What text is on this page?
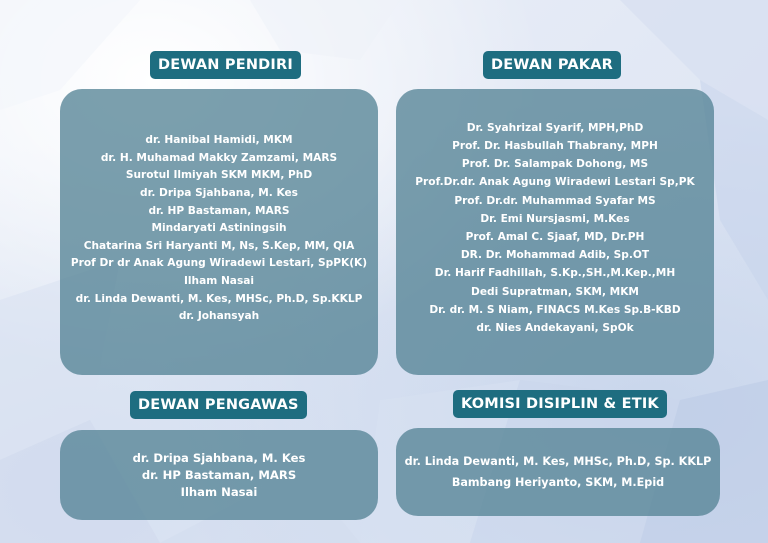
DEWAN PENDIRI
dr. Hanibal Hamidi, MKM
dr. H. Muhamad Makky Zamzami, MARS
Surotul Ilmiyah SKM MKM, PhD
dr. Dripa Sjahbana, M. Kes
dr. HP Bastaman, MARS
Mindaryati Astiningsih
Chatarina Sri Haryanti M, Ns, S.Kep, MM, QIA
Prof Dr dr Anak Agung Wiradewi Lestari, SpPK(K)
Ilham Nasai
dr. Linda Dewanti, M. Kes, MHSc, Ph.D, Sp.KKLP
dr. Johansyah
DEWAN PAKAR
Dr. Syahrizal Syarif, MPH,PhD
Prof. Dr. Hasbullah Thabrany, MPH
Prof. Dr. Salampak Dohong, MS
Prof.Dr.dr. Anak Agung Wiradewi Lestari Sp,PK
Prof. Dr.dr. Muhammad Syafar MS
Dr. Emi Nursjasmi, M.Kes
Prof. Amal C. Sjaaf, MD, Dr.PH
DR. Dr. Mohammad Adib, Sp.OT
Dr. Harif Fadhillah, S.Kp.,SH.,M.Kep.,MH
Dedi Supratman, SKM, MKM
Dr. dr. M. S Niam, FINACS M.Kes Sp.B-KBD
dr. Nies Andekayani, SpOk
DEWAN PENGAWAS
dr. Dripa Sjahbana, M. Kes
dr. HP Bastaman, MARS
Ilham Nasai
KOMISI DISIPLIN & ETIK
dr. Linda Dewanti, M. Kes, MHSc, Ph.D, Sp. KKLP
Bambang Heriyanto, SKM, M.Epid
